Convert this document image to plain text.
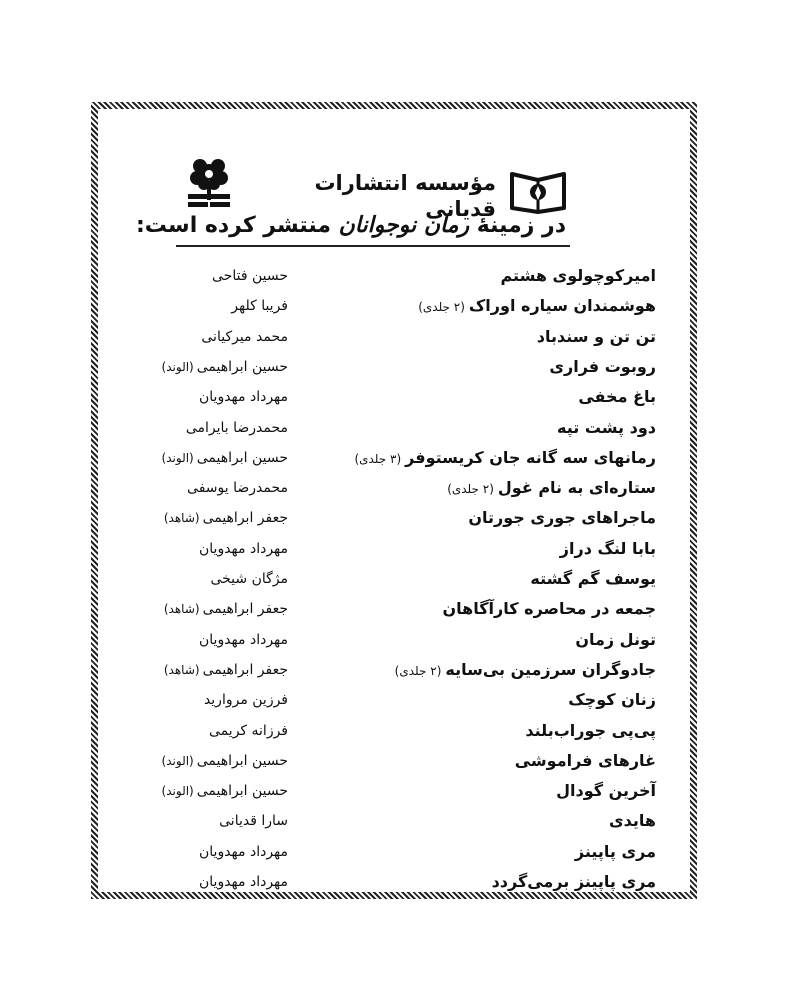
مؤسسه انتشارات قدیانی
در زمینهٔ رمان نوجوانان منتشر کرده است:
امیرکوچولوی هشتم
حسین فتاحی
هوشمندان سیاره اوراک(۲ جلدی)
فریبا کلهر
تن تن و سندباد
محمد میرکیانی
روبوت فراری
حسین ابراهیمی(الوند)
باغ مخفی
مهرداد مهدویان
دود پشت تپه
محمدرضا بایرامی
رمانهای سه گانه جان کریستوفر(۳ جلدی)
حسین ابراهیمی(الوند)
ستاره‌ای به نام غول(۲ جلدی)
محمدرضا یوسفی
ماجراهای جوری جورتان
جعفر ابراهیمی(شاهد)
بابا لنگ دراز
مهرداد مهدویان
یوسف گم گشته
مژگان شیخی
جمعه در محاصره کارآگاهان
جعفر ابراهیمی(شاهد)
تونل زمان
مهرداد مهدویان
جادوگران سرزمین بی‌سایه(۲ جلدی)
جعفر ابراهیمی(شاهد)
زنان کوچک
فرزین مروارید
پی‌پی جوراب‌بلند
فرزانه کریمی
غارهای فراموشی
حسین ابراهیمی(الوند)
آخرین گودال
حسین ابراهیمی(الوند)
هایدی
سارا قدیانی
مری پاپینز
مهرداد مهدویان
مری پاپینز برمی‌گردد
مهرداد مهدویان
